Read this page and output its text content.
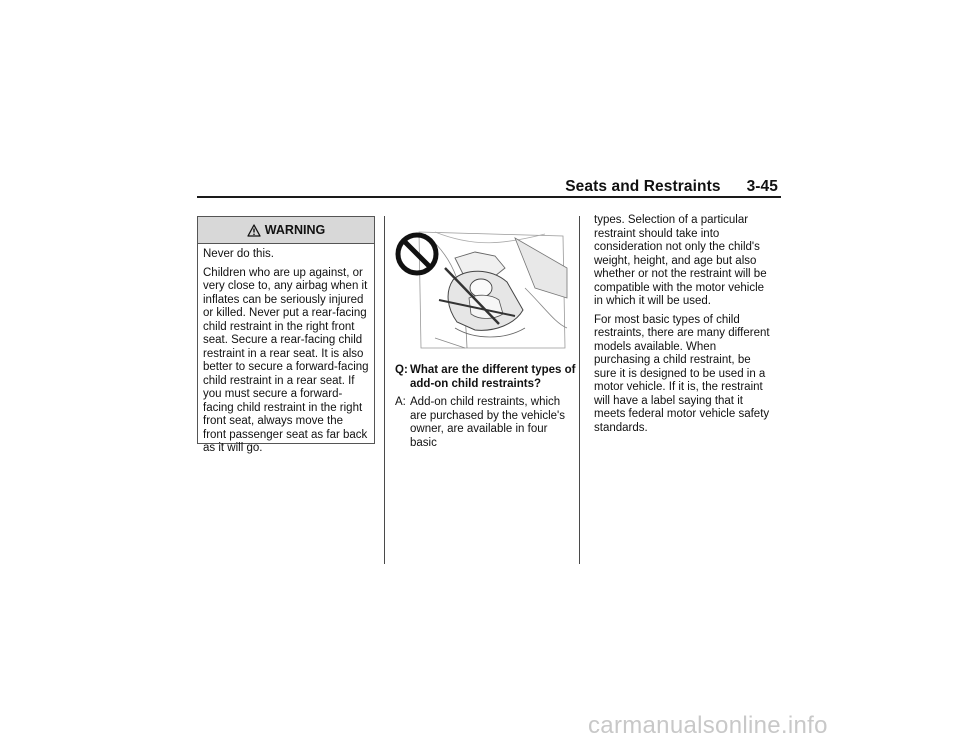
Seats and Restraints 3-45
WARNING

Never do this.

Children who are up against, or very close to, any airbag when it inflates can be seriously injured or killed. Never put a rear-facing child restraint in the right front seat. Secure a rear-facing child restraint in a rear seat. It is also better to secure a forward-facing child restraint in a rear seat. If you must secure a forward-facing child restraint in the right front seat, always move the front passenger seat as far back as it will go.

Q: What are the different types of add-on child restraints?
A: Add-on child restraints, which are purchased by the vehicle's owner, are available in four basic

types. Selection of a particular restraint should take into consideration not only the child's weight, height, and age but also whether or not the restraint will be compatible with the motor vehicle in which it will be used.

For most basic types of child restraints, there are many different models available. When purchasing a child restraint, be sure it is designed to be used in a motor vehicle. If it is, the restraint will have a label saying that it meets federal motor vehicle safety standards.

carmanualsonline.info
